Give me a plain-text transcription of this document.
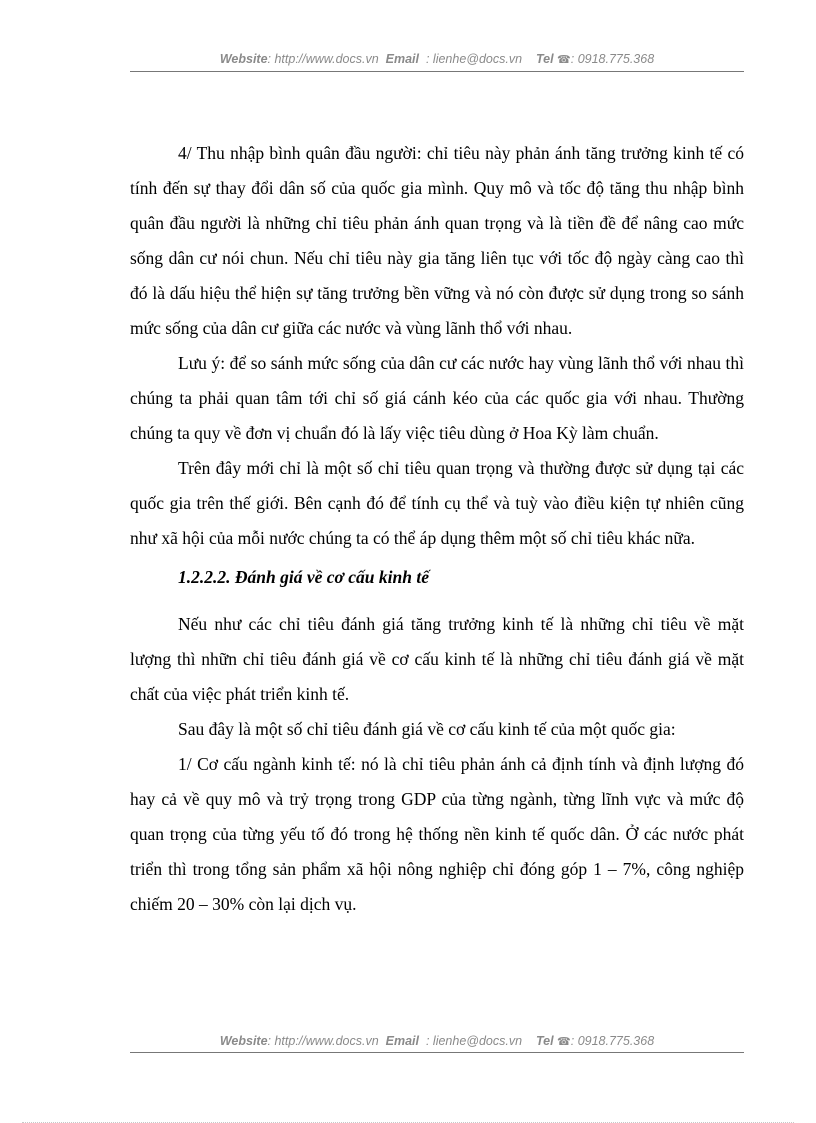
Website: http://www.docs.vn Email : lienhe@docs.vn Tel ☎: 0918.775.368

4/ Thu nhập bình quân đầu người: chỉ tiêu này phản ánh tăng trưởng kinh tế có tính đến sự thay đổi dân số của quốc gia mình. Quy mô và tốc độ tăng thu nhập bình quân đầu người là những chỉ tiêu phản ánh quan trọng và là tiền đề để nâng cao mức sống dân cư nói chun. Nếu chỉ tiêu này gia tăng liên tục với tốc độ ngày càng cao thì đó là dấu hiệu thể hiện sự tăng trưởng bền vững và nó còn được sử dụng trong so sánh mức sống của dân cư giữa các nước và vùng lãnh thổ với nhau.

Lưu ý: để so sánh mức sống của dân cư các nước hay vùng lãnh thổ với nhau thì chúng ta phải quan tâm tới chỉ số giá cánh kéo của các quốc gia với nhau. Thường chúng ta quy về đơn vị chuẩn đó là lấy việc tiêu dùng ở Hoa Kỳ làm chuẩn.

Trên đây mới chỉ là một số chỉ tiêu quan trọng và thường được sử dụng tại các quốc gia trên thế giới. Bên cạnh đó để tính cụ thể và tuỳ vào điều kiện tự nhiên cũng như xã hội của mỗi nước chúng ta có thể áp dụng thêm một số chỉ tiêu khác nữa.

1.2.2.2. Đánh giá về cơ cấu kinh tế

Nếu như các chỉ tiêu đánh giá tăng trưởng kinh tế là những chỉ tiêu về mặt lượng thì nhữn chỉ tiêu đánh giá về cơ cấu kinh tế là những chỉ tiêu đánh giá về mặt chất của việc phát triển kinh tế.

Sau đây là một số chỉ tiêu đánh giá về cơ cấu kinh tế của một quốc gia:

1/ Cơ cấu ngành kinh tế: nó là chỉ tiêu phản ánh cả định tính và định lượng đó hay cả về quy mô và trỷ trọng trong GDP của từng ngành, từng lĩnh vực và mức độ quan trọng của từng yếu tố đó trong hệ thống nền kinh tế quốc dân. Ở các nước phát triển thì trong tổng sản phẩm xã hội nông nghiệp chỉ đóng góp 1 – 7%, công nghiệp chiếm 20 – 30% còn lại dịch vụ.

Website: http://www.docs.vn Email : lienhe@docs.vn Tel ☎: 0918.775.368
